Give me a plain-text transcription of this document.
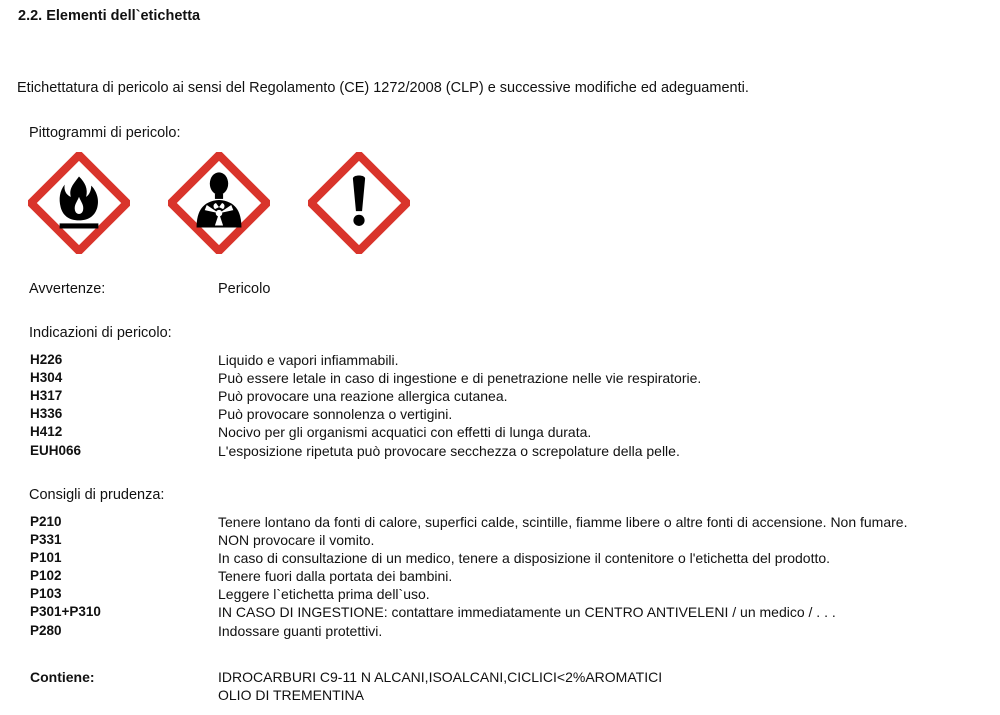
2.2. Elementi dell`etichetta
Etichettatura di pericolo ai sensi del Regolamento (CE) 1272/2008 (CLP) e successive modifiche ed adeguamenti.
Pittogrammi di pericolo:
Avvertenze:	Pericolo
Indicazioni di pericolo:
H226	Liquido e vapori infiammabili.
H304	Può essere letale in caso di ingestione e di penetrazione nelle vie respiratorie.
H317	Può provocare una reazione allergica cutanea.
H336	Può provocare sonnolenza o vertigini.
H412	Nocivo per gli organismi acquatici con effetti di lunga durata.
EUH066	L'esposizione ripetuta può provocare secchezza o screpolature della pelle.
Consigli di prudenza:
P210	Tenere lontano da fonti di calore, superfici calde, scintille, fiamme libere o altre fonti di accensione. Non fumare.
P331	NON provocare il vomito.
P101	In caso di consultazione di un medico, tenere a disposizione il contenitore o l'etichetta del prodotto.
P102	Tenere fuori dalla portata dei bambini.
P103	Leggere l`etichetta prima dell`uso.
P301+P310	IN CASO DI INGESTIONE: contattare immediatamente un CENTRO ANTIVELENI / un medico / . . .
P280	Indossare guanti protettivi.
Contiene:	IDROCARBURI C9-11 N ALCANI,ISOALCANI,CICLICI<2%AROMATICI
OLIO DI TREMENTINA
